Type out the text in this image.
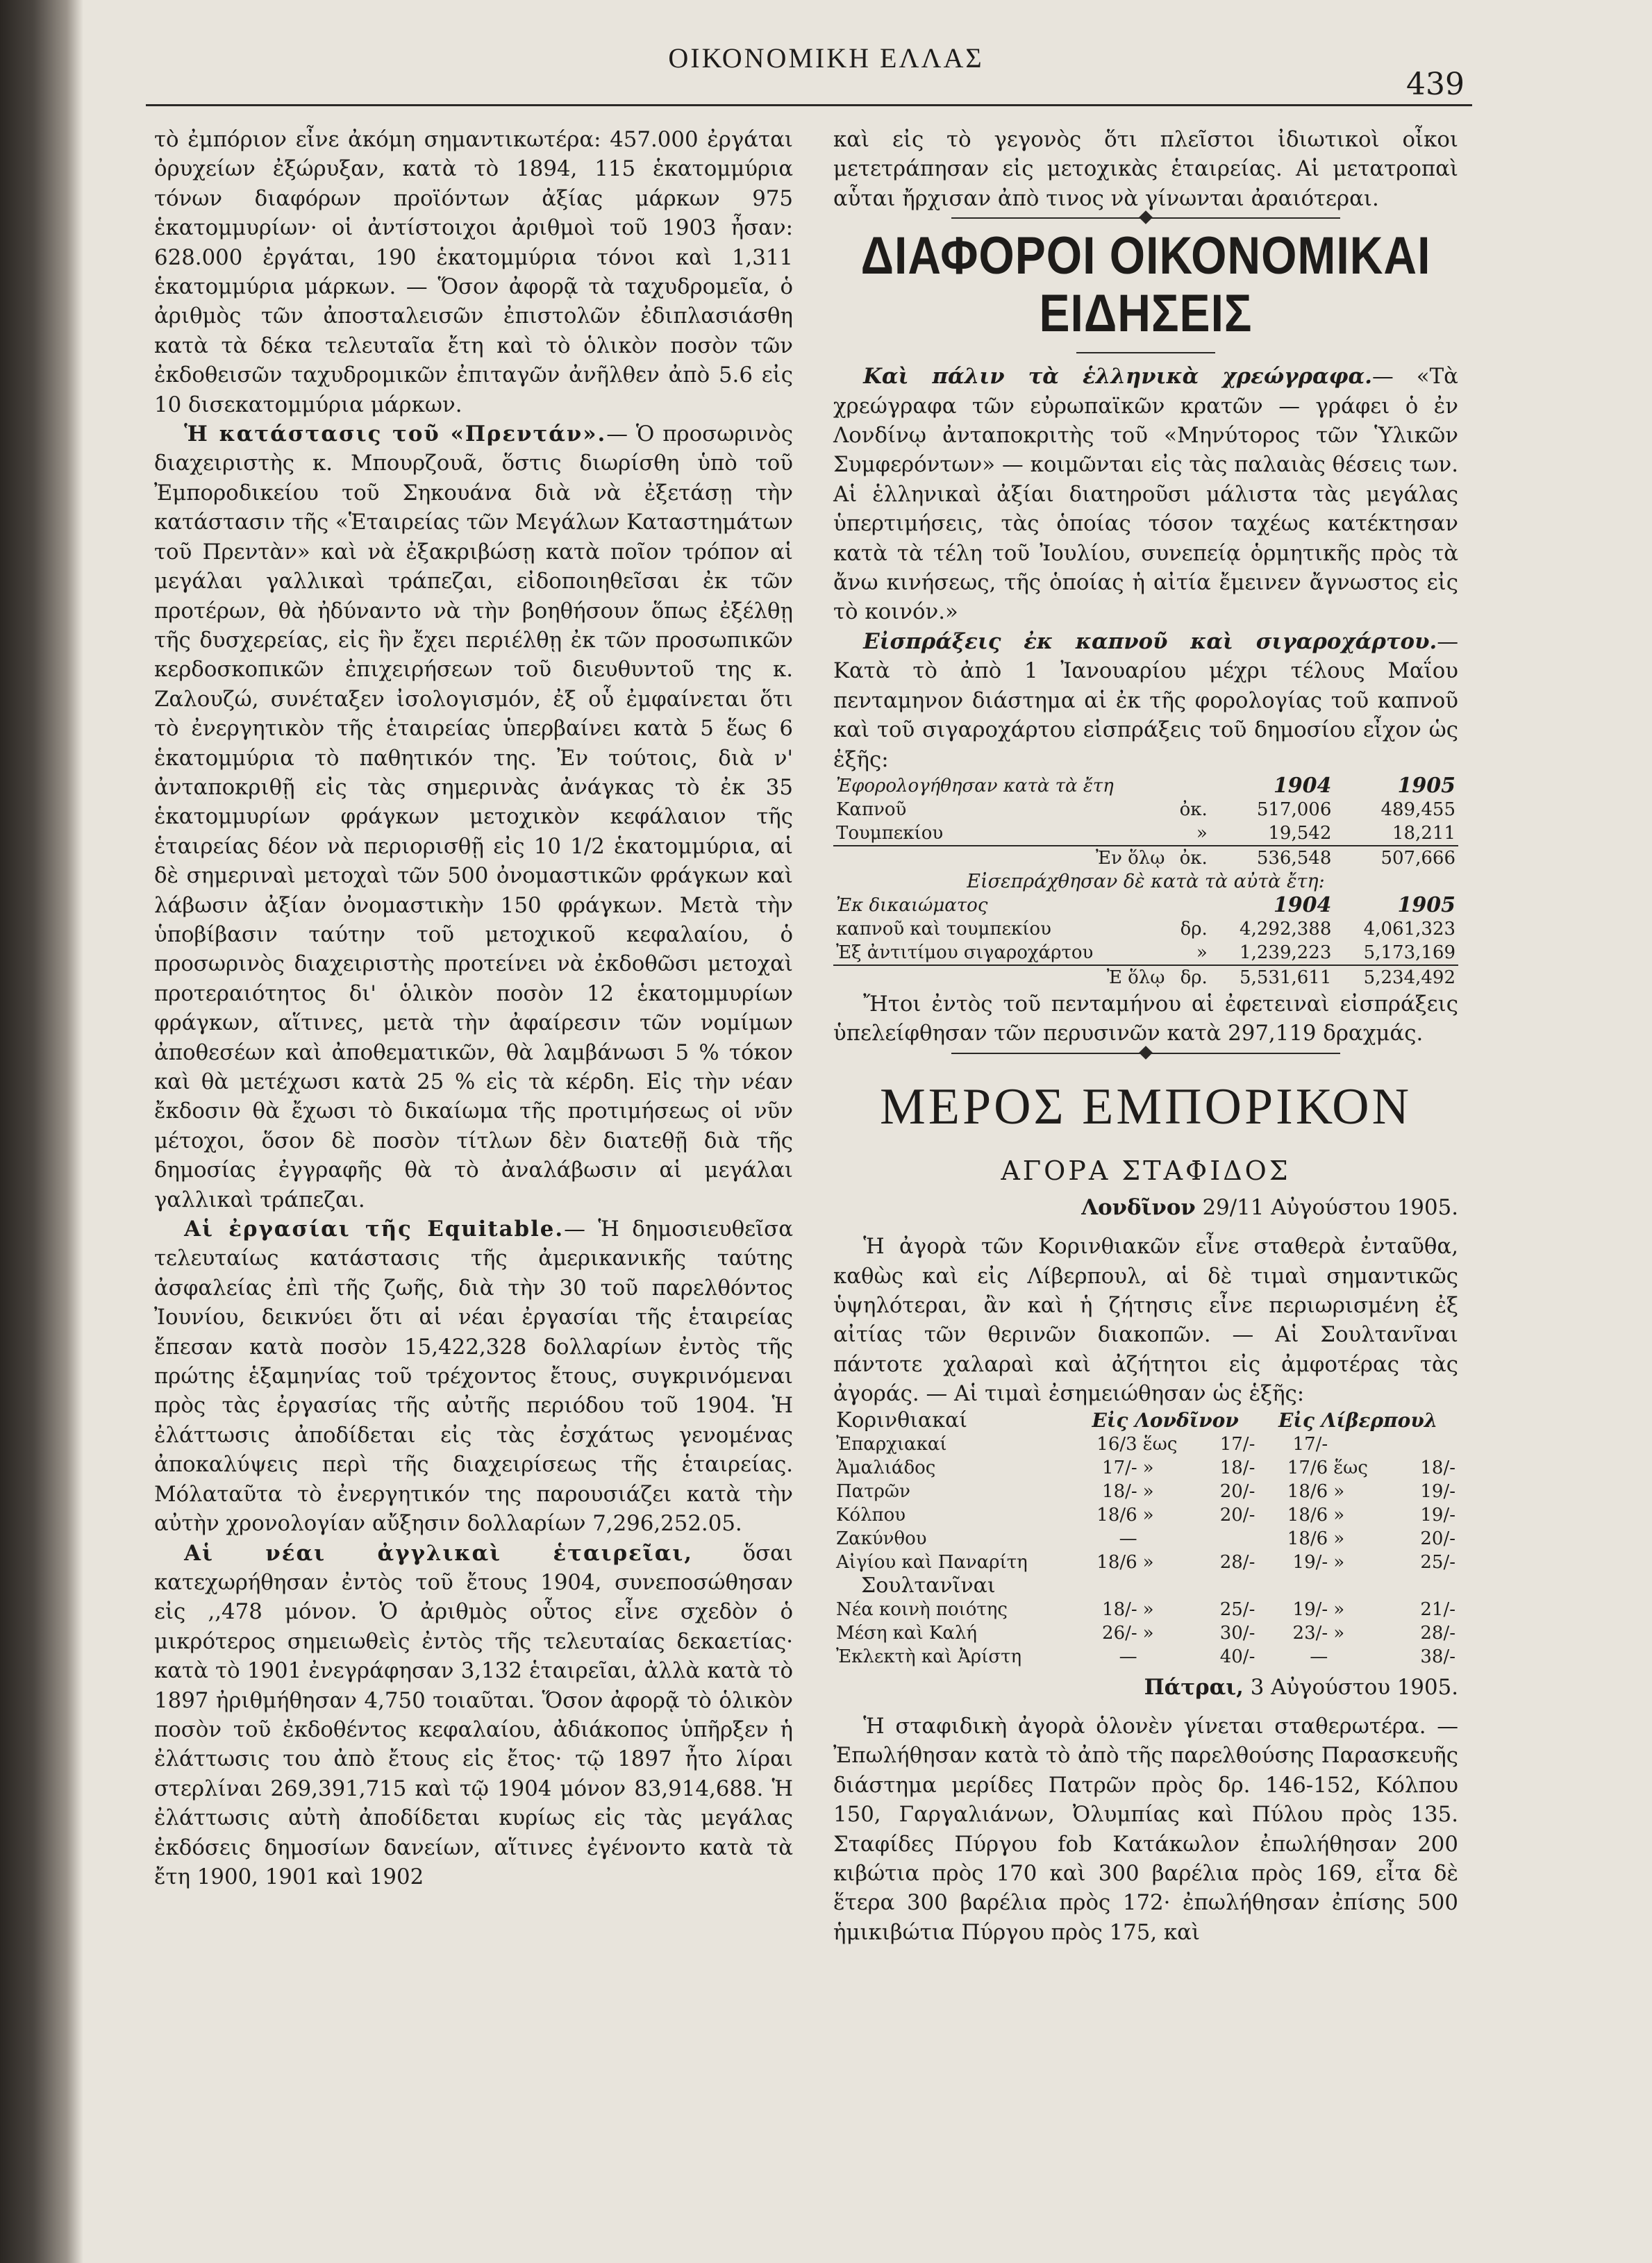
ΟΙΚΟΝΟΜΙΚΗ ΕΛΛΑΣ
439

τὸ ἐμπόριον εἶνε ἀκόμη σημαντικωτέρα: 457.000 ἐργάται ὀρυχείων ἐξώρυξαν, κατὰ τὸ 1894, 115 ἑκατομμύρια τόνων διαφόρων προϊόντων ἀξίας μάρκων 975 ἑκατομμυρίων· οἱ ἀντίστοιχοι ἀριθμοὶ τοῦ 1903 ἦσαν: 628.000 ἐργάται, 190 ἑκατομμύρια τόνοι καὶ 1,311 ἑκατομμύρια μάρκων. — Ὅσον ἀφορᾷ τὰ ταχυδρομεῖα, ὁ ἀριθμὸς τῶν ἀποσταλεισῶν ἐπιστολῶν ἐδιπλασιάσθη κατὰ τὰ δέκα τελευταῖα ἔτη καὶ τὸ ὁλικὸν ποσὸν τῶν ἐκδοθεισῶν ταχυδρομικῶν ἐπιταγῶν ἀνῆλθεν ἀπὸ 5.6 εἰς 10 δισεκατομμύρια μάρκων.

Ἡ κατάστασις τοῦ «Πρεντάν».— Ὁ προσωρινὸς διαχειριστὴς κ. Μπουρζουᾶ, ὅστις διωρίσθη ὑπὸ τοῦ Ἐμποροδικείου τοῦ Σηκουάνα διὰ νὰ ἐξετάσῃ τὴν κατάστασιν τῆς «Ἑταιρείας τῶν Μεγάλων Καταστημάτων τοῦ Πρεντὰν» καὶ νὰ ἐξακριβώσῃ κατὰ ποῖον τρόπον αἱ μεγάλαι γαλλικαὶ τράπεζαι, εἰδοποιηθεῖσαι ἐκ τῶν προτέρων, θὰ ἠδύναντο νὰ τὴν βοηθήσουν ὅπως ἐξέλθῃ τῆς δυσχερείας, εἰς ἣν ἔχει περιέλθῃ ἐκ τῶν προσωπικῶν κερδοσκοπικῶν ἐπιχειρήσεων τοῦ διευθυντοῦ της κ. Ζαλουζώ, συνέταξεν ἰσολογισμόν, ἐξ οὗ ἐμφαίνεται ὅτι τὸ ἐνεργητικὸν τῆς ἑταιρείας ὑπερβαίνει κατὰ 5 ἕως 6 ἑκατομμύρια τὸ παθητικόν της. Ἐν τούτοις, διὰ ν' ἀνταποκριθῇ εἰς τὰς σημερινὰς ἀνάγκας τὸ ἐκ 35 ἑκατομμυρίων φράγκων μετοχικὸν κεφάλαιον τῆς ἑταιρείας δέον νὰ περιορισθῇ εἰς 10 1/2 ἑκατομμύρια, αἱ δὲ σημεριναὶ μετοχαὶ τῶν 500 ὀνομαστικῶν φράγκων καὶ λάβωσιν ἀξίαν ὀνομαστικὴν 150 φράγκων. Μετὰ τὴν ὑποβίβασιν ταύτην τοῦ μετοχικοῦ κεφαλαίου, ὁ προσωρινὸς διαχειριστὴς προτείνει νὰ ἐκδοθῶσι μετοχαὶ προτεραιότητος δι' ὁλικὸν ποσὸν 12 ἑκατομμυρίων φράγκων, αἵτινες, μετὰ τὴν ἀφαίρεσιν τῶν νομίμων ἀποθεσέων καὶ ἀποθεματικῶν, θὰ λαμβάνωσι 5 % τόκον καὶ θὰ μετέχωσι κατὰ 25 % εἰς τὰ κέρδη. Εἰς τὴν νέαν ἔκδοσιν θὰ ἔχωσι τὸ δικαίωμα τῆς προτιμήσεως οἱ νῦν μέτοχοι, ὅσον δὲ ποσὸν τίτλων δὲν διατεθῇ διὰ τῆς δημοσίας ἐγγραφῆς θὰ τὸ ἀναλάβωσιν αἱ μεγάλαι γαλλικαὶ τράπεζαι.

Αἱ ἐργασίαι τῆς Equitable.— Ἡ δημοσιευθεῖσα τελευταίως κατάστασις τῆς ἀμερικανικῆς ταύτης ἀσφαλείας ἐπὶ τῆς ζωῆς, διὰ τὴν 30 τοῦ παρελθόντος Ἰουνίου, δεικνύει ὅτι αἱ νέαι ἐργασίαι τῆς ἑταιρείας ἔπεσαν κατὰ ποσὸν 15,422,328 δολλαρίων ἐντὸς τῆς πρώτης ἑξαμηνίας τοῦ τρέχοντος ἔτους, συγκρινόμεναι πρὸς τὰς ἐργασίας τῆς αὐτῆς περιόδου τοῦ 1904. Ἡ ἐλάττωσις ἀποδίδεται εἰς τὰς ἐσχάτως γενομένας ἀποκαλύψεις περὶ τῆς διαχειρίσεως τῆς ἑταιρείας. Μόλαταῦτα τὸ ἐνεργητικόν της παρουσιάζει κατὰ τὴν αὐτὴν χρονολογίαν αὔξησιν δολλαρίων 7,296,252.05.

Αἱ νέαι ἀγγλικαὶ ἑταιρεῖαι, ὅσαι κατεχωρήθησαν ἐντὸς τοῦ ἔτους 1904, συνεποσώθησαν εἰς ,,478 μόνον. Ὁ ἀριθμὸς οὗτος εἶνε σχεδὸν ὁ μικρότερος σημειωθεὶς ἐντὸς τῆς τελευταίας δεκαετίας· κατὰ τὸ 1901 ἐνεγράφησαν 3,132 ἑταιρεῖαι, ἀλλὰ κατὰ τὸ 1897 ἠριθμήθησαν 4,750 τοιαῦται. Ὅσον ἀφορᾷ τὸ ὁλικὸν ποσὸν τοῦ ἐκδοθέντος κεφαλαίου, ἀδιάκοπος ὑπῆρξεν ἡ ἐλάττωσις του ἀπὸ ἔτους εἰς ἔτος· τῷ 1897 ἦτο λίραι στερλίναι 269,391,715 καὶ τῷ 1904 μόνον 83,914,688. Ἡ ἐλάττωσις αὐτὴ ἀποδίδεται κυρίως εἰς τὰς μεγάλας ἐκδόσεις δημοσίων δανείων, αἵτινες ἐγένοντο κατὰ τὰ ἔτη 1900, 1901 καὶ 1902

καὶ εἰς τὸ γεγονὸς ὅτι πλεῖστοι ἰδιωτικοὶ οἶκοι μετετράπησαν εἰς μετοχικὰς ἑταιρείας. Αἱ μετατροπαὶ αὗται ἤρχισαν ἀπὸ τινος νὰ γίνωνται ἀραιότεραι.

ΔΙΑΦΟΡΟΙ ΟΙΚΟΝΟΜΙΚΑΙ ΕΙΔΗΣΕΙΣ

Καὶ πάλιν τὰ ἑλληνικὰ χρεώγραφα.— «Τὰ χρεώγραφα τῶν εὐρωπαϊκῶν κρατῶν — γράφει ὁ ἐν Λονδίνῳ ἀνταποκριτὴς τοῦ «Μηνύτορος τῶν Ὑλικῶν Συμφερόντων» — κοιμῶνται εἰς τὰς παλαιὰς θέσεις των. Αἱ ἑλληνικαὶ ἀξίαι διατηροῦσι μάλιστα τὰς μεγάλας ὑπερτιμήσεις, τὰς ὁποίας τόσον ταχέως κατέκτησαν κατὰ τὰ τέλη τοῦ Ἰουλίου, συνεπείᾳ ὁρμητικῆς πρὸς τὰ ἄνω κινήσεως, τῆς ὁποίας ἡ αἰτία ἔμεινεν ἄγνωστος εἰς τὸ κοινόν.»

Εἰσπράξεις ἐκ καπνοῦ καὶ σιγαροχάρτου.— Κατὰ τὸ ἀπὸ 1 Ἰανουαρίου μέχρι τέλους Μαΐου πενταμηνον διάστημα αἱ ἐκ τῆς φορολογίας τοῦ καπνοῦ καὶ τοῦ σιγαροχάρτου εἰσπράξεις τοῦ δημοσίου εἶχον ὡς ἑξῆς:

Ἐφορολογήθησαν κατὰ τὰ ἔτη		1904	1905
Καπνοῦ	ὀκ.	517,006	489,455
Τουμπεκίου	»	19,542	18,211
Ἐν ὅλῳ	ὀκ.	536,548	507,666
Εἰσεπράχθησαν δὲ κατὰ τὰ αὐτὰ ἔτη:			
Ἐκ δικαιώματος		1904	1905
καπνοῦ καὶ τουμπεκίου	δρ.	4,292,388	4,061,323
Ἐξ ἀντιτίμου σιγαροχάρτου	»	1,239,223	5,173,169
Ἐ ὅλῳ	δρ.	5,531,611	5,234,492

Ἤτοι ἐντὸς τοῦ πενταμήνου αἱ ἐφετειναὶ εἰσπράξεις ὑπελείφθησαν τῶν περυσινῶν κατὰ 297,119 δραχμάς.

ΜΕΡΟΣ ΕΜΠΟΡΙΚΟΝ
ΑΓΟΡΑ ΣΤΑΦΙΔΟΣ
Λονδῖνον 29/11 Αὐγούστου 1905.

Ἡ ἀγορὰ τῶν Κορινθιακῶν εἶνε σταθερὰ ἐνταῦθα, καθὼς καὶ εἰς Λίβερπουλ, αἱ δὲ τιμαὶ σημαντικῶς ὑψηλότεραι, ἂν καὶ ἡ ζήτησις εἶνε περιωρισμένη ἐξ αἰτίας τῶν θερινῶν διακοπῶν. — Αἱ Σουλτανῖναι πάντοτε χαλαραὶ καὶ ἀζήτητοι εἰς ἀμφοτέρας τὰς ἀγοράς. — Αἱ τιμαὶ ἐσημειώθησαν ὡς ἑξῆς:

Κορινθιακαί	Εἰς Λονδῖνον			Εἰς Λίβερπουλ		
Ἐπαρχιακαί	16/3	ἕως	17/-	17/-		
Ἀμαλιάδος	17/-	»	18/-	17/6	ἕως	18/-
Πατρῶν	18/-	»	20/-	18/6	»	19/-
Κόλπου	18/6	»	20/-	18/6	»	19/-
Ζακύνθου	—			18/6	»	20/-
Αἰγίου καὶ Παναρίτη	18/6	»	28/-	19/-	»	25/-
Σουλτανῖναι						
Νέα κοινὴ ποιότης	18/-	»	25/-	19/-	»	21/-
Μέση καὶ Καλή	26/-	»	30/-	23/-	»	28/-
Ἐκλεκτὴ καὶ Ἀρίστη	—		40/-	—		38/-
Πάτραι, 3 Αὐγούστου 1905.

Ἡ σταφιδικὴ ἀγορὰ ὁλονὲν γίνεται σταθερωτέρα. — Ἐπωλήθησαν κατὰ τὸ ἀπὸ τῆς παρελθούσης Παρασκευῆς διάστημα μερίδες Πατρῶν πρὸς δρ. 146-152, Κόλπου 150, Γαργαλιάνων, Ὀλυμπίας καὶ Πύλου πρὸς 135. Σταφίδες Πύργου fob Κατάκωλον ἐπωλήθησαν 200 κιβώτια πρὸς 170 καὶ 300 βαρέλια πρὸς 169, εἶτα δὲ ἕτερα 300 βαρέλια πρὸς 172· ἐπωλήθησαν ἐπίσης 500 ἡμικιβώτια Πύργου πρὸς 175, καὶ
